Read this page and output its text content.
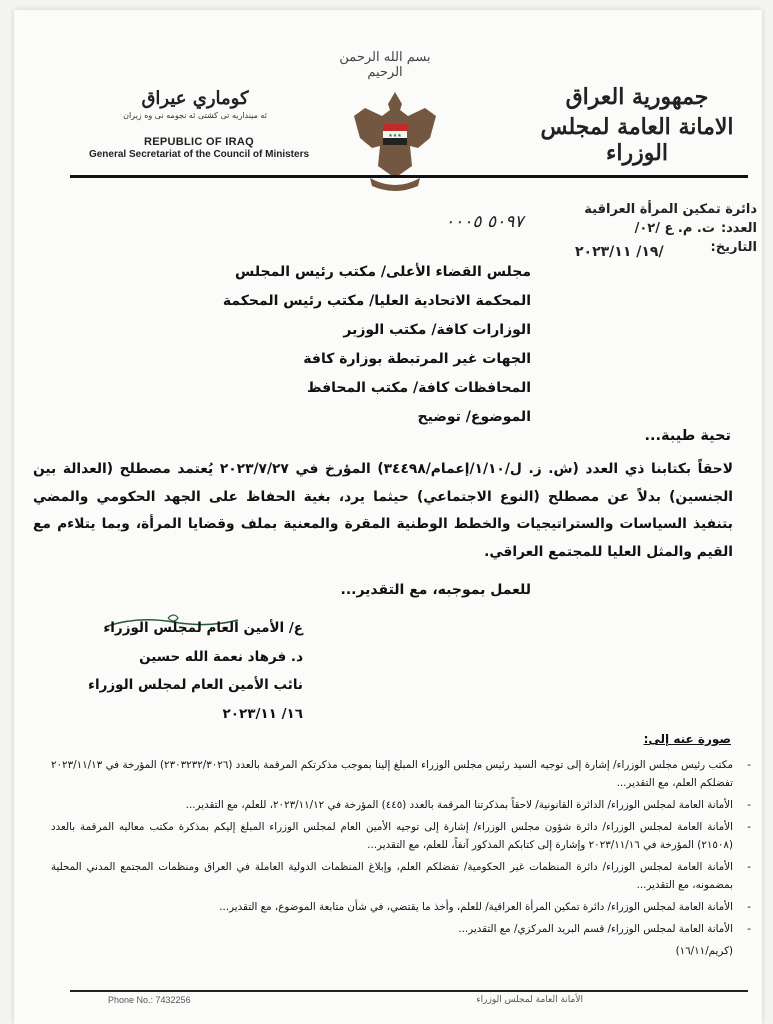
بسم الله الرحمن الرحيم
جمهورية العراق
الامانة العامة لمجلس الوزراء
كوماري عيراق
ئه مينداريه تى كشتى ئه نجومه نى وه زيران
REPUBLIC OF IRAQ
General Secretariat of the Council of Ministers
★★★
دائرة تمكين المرأة العراقية
العدد:
ت. م. ع /٠٢/
التاريخ:
٥٠٩٧ ٠٠٠٥
١٩/ ٢٠٢٣/١١/
مجلس القضاء الأعلى/ مكتب رئيس المجلس
المحكمة الاتحادية العليا/ مكتب رئيس المحكمة
الوزارات كافة/ مكتب الوزير
الجهات غير المرتبطة بوزارة كافة
المحافظات كافة/ مكتب المحافظ
الموضوع/ توضيح
تحية طيبة...
لاحقاً بكتابنا ذي العدد (ش. ز. ل/١/١٠/إعمام/٣٤٤٩٨) المؤرخ في ٢٠٢٣/٧/٢٧ يُعتمد مصطلح (العدالة بين الجنسين) بدلاً عن مصطلح (النوع الاجتماعي) حيثما يرد، بغية الحفاظ على الجهد الحكومي والمضي بتنفيذ السياسات والستراتيجيات والخطط الوطنية المقرة والمعنية بملف وقضايا المرأة، وبما يتلاءم مع القيم والمثل العليا للمجتمع العراقي.
للعمل بموجبه، مع التقدير...
ع/ الأمين العام لمجلس الوزراء
د. فرهاد نعمة الله حسين
نائب الأمين العام لمجلس الوزراء
١٦/ ٢٠٢٣/١١
صورة عنه إلى:
-
مكتب رئيس مجلس الوزراء/ إشارة إلى توجيه السيد رئيس مجلس الوزراء المبلغ إلينا بموجب مذكرتكم المرقمة بالعدد (٢٣٠٣٢٣٢/٣٠٢٦) المؤرخة في ٢٠٢٣/١١/١٣ تفضلكم العلم، مع التقدير...
-
الأمانة العامة لمجلس الوزراء/ الدائرة القانونية/ لاحقاً بمذكرتنا المرقمة بالعدد (٤٤٥) المؤرخة في ٢٠٢٣/١١/١٢، للعلم، مع التقدير...
-
الأمانة العامة لمجلس الوزراء/ دائرة شؤون مجلس الوزراء/ إشارة إلى توجيه الأمين العام لمجلس الوزراء المبلغ إليكم بمذكرة مكتب معاليه المرقمة بالعدد (٢١٥٠٨) المؤرخة في ٢٠٢٣/١١/١٦ وإشارة إلى كتابكم المذكور آنفاً، للعلم، مع التقدير...
-
الأمانة العامة لمجلس الوزراء/ دائرة المنظمات غير الحكومية/ تفضلكم العلم، وإبلاغ المنظمات الدولية العاملة في العراق ومنظمات المجتمع المدني المحلية بمضمونه، مع التقدير...
-
الأمانة العامة لمجلس الوزراء/ دائرة تمكين المرأة العراقية/ للعلم، وأخذ ما يقتضي، في شأن متابعة الموضوع، مع التقدير...
-
الأمانة العامة لمجلس الوزراء/ قسم البريد المركزي/ مع التقدير...
(كريم/١٦/١١)
Phone No.: 7432256	الأمانة العامة لمجلس الوزراء
